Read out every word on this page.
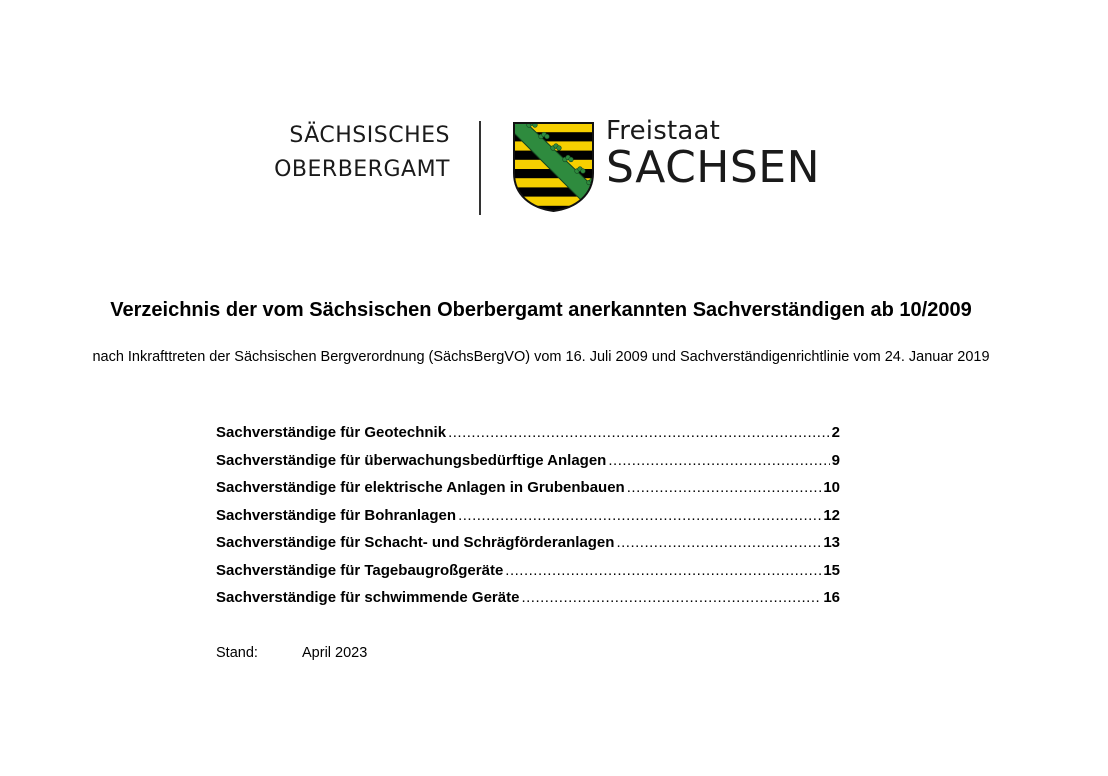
SÄCHSISCHES
OBERBERGAMT
Freistaat
SACHSEN
Verzeichnis der vom Sächsischen Oberbergamt anerkannten Sachverständigen ab 10/2009
nach Inkrafttreten der Sächsischen Bergverordnung (SächsBergVO) vom 16. Juli 2009 und Sachverständigenrichtlinie vom 24. Januar 2019
Sachverständige für Geotechnik .....	2
Sachverständige für überwachungsbedürftige Anlagen .....	9
Sachverständige für elektrische Anlagen in Grubenbauen .....	10
Sachverständige für Bohranlagen .....	12
Sachverständige für Schacht- und Schrägförderanlagen .....	13
Sachverständige für Tagebaugroßgeräte .....	15
Sachverständige für schwimmende Geräte .....	16
Stand:	April 2023
